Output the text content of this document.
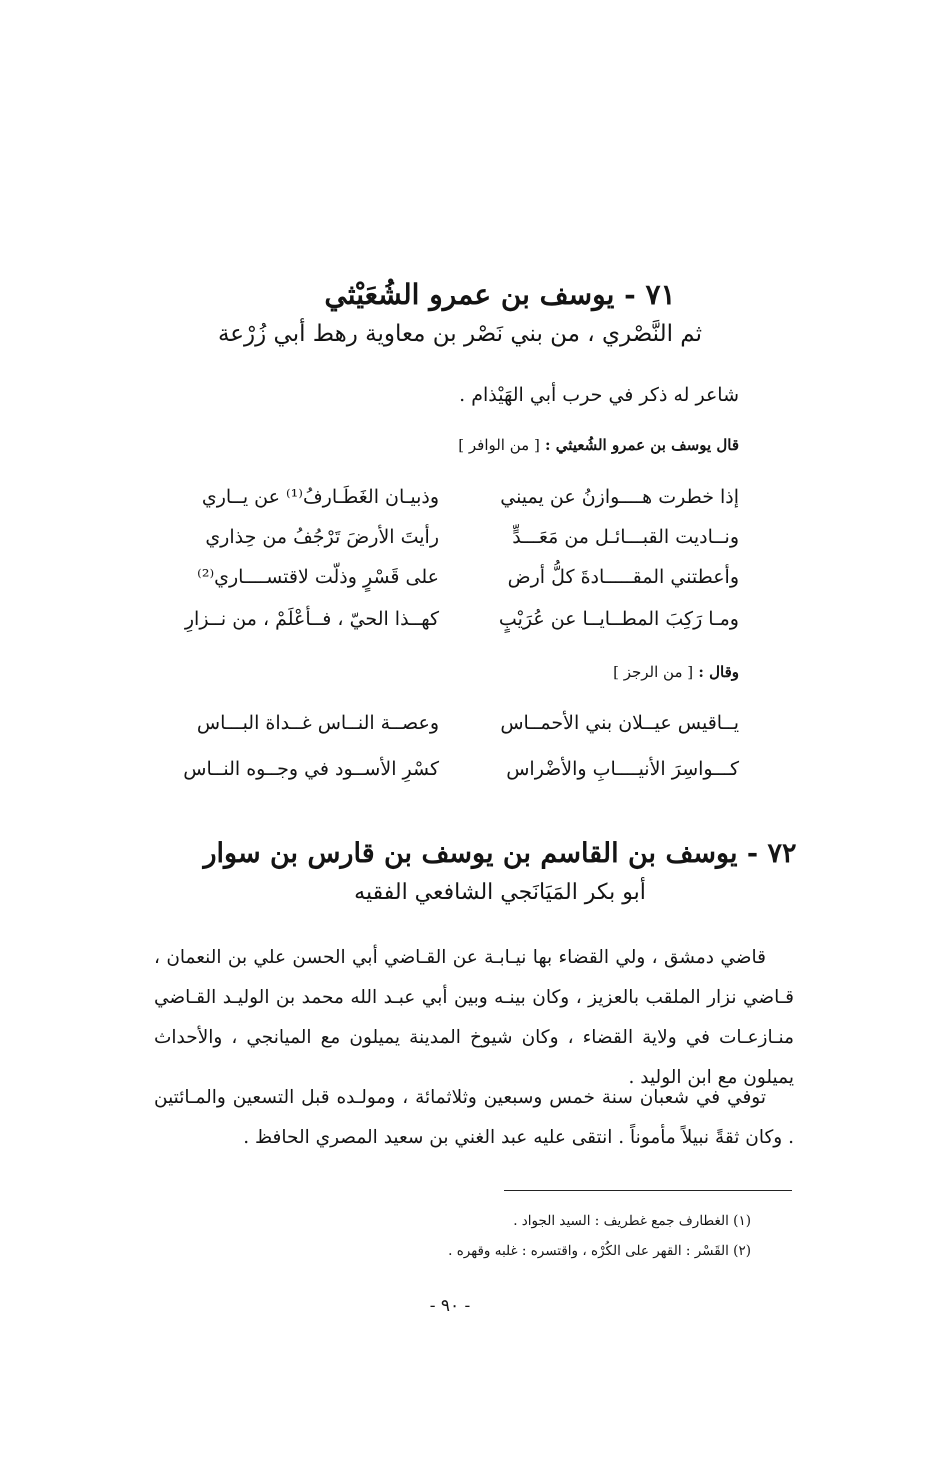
٧١ - يوسف بن عمرو الشُعَيْثي
ثم النَّصْري ، من بني نَصْر بن معاوية رهط أبي زُرْعة
شاعر له ذكر في حرب أبي الهَيْذام .
قال يوسف بن عمرو الشُعيثي : [ من الوافر ]
إذا خطرت هــــوازنُ عن يميني
وذبيـان الغَطَـارفُ⁽¹⁾ عن يــاري
ونــاديت القبـــائـل من مَعَـــدٍّ
رأيتَ الأرضَ تَرْجُفُ من حِذاري
وأعطتني المقـــــادةَ كلُّ أرض
على قَسْرٍ وذلّت لاقتســــاري⁽²⁾
ومـا رَكِبَ المطــايــا عن عُرَيْبٍ
كهــذا الحيّ ، فــأعْلَمْ ، من نــزارِ
وقال : [ من الرجز ]
يــاقيس عيــلان بني الأحمــاس
وعصــة النــاس غــداة البـــاس
كـــواسِرَ الأنيــــابِ والأضْراس
كسْرِ الأســود في وجــوه النــاس
٧٢ - يوسف بن القاسم بن يوسف بن قارس بن سوار
أبو بكر المَيَانَجي الشافعي الفقيه
قاضي دمشق ، ولي القضاء بها نيـابـة عن القـاضي أبي الحسن علي بن النعمان ، قـاضي نزار الملقب بالعزيز ، وكان بينـه وبين أبي عبـد الله محمد بن الوليـد القـاضي منـازعـات في ولاية القضاء ، وكان شيوخ المدينة يميلون مع الميانجي ، والأحداث يميلون مع ابن الوليد .
توفي في شعبان سنة خمس وسبعين وثلاثمائة ، ومولـده قبل التسعين والمـائتين . وكان ثقةً نبيلاً مأموناً . انتقى عليه عبد الغني بن سعيد المصري الحافظ .
(١) الغطارف جمع غطريف : السيد الجواد .
(٢) القَسْر : القهر على الكُرْه ، واقتسره : غلبه وقهره .
- ٩٠ -
